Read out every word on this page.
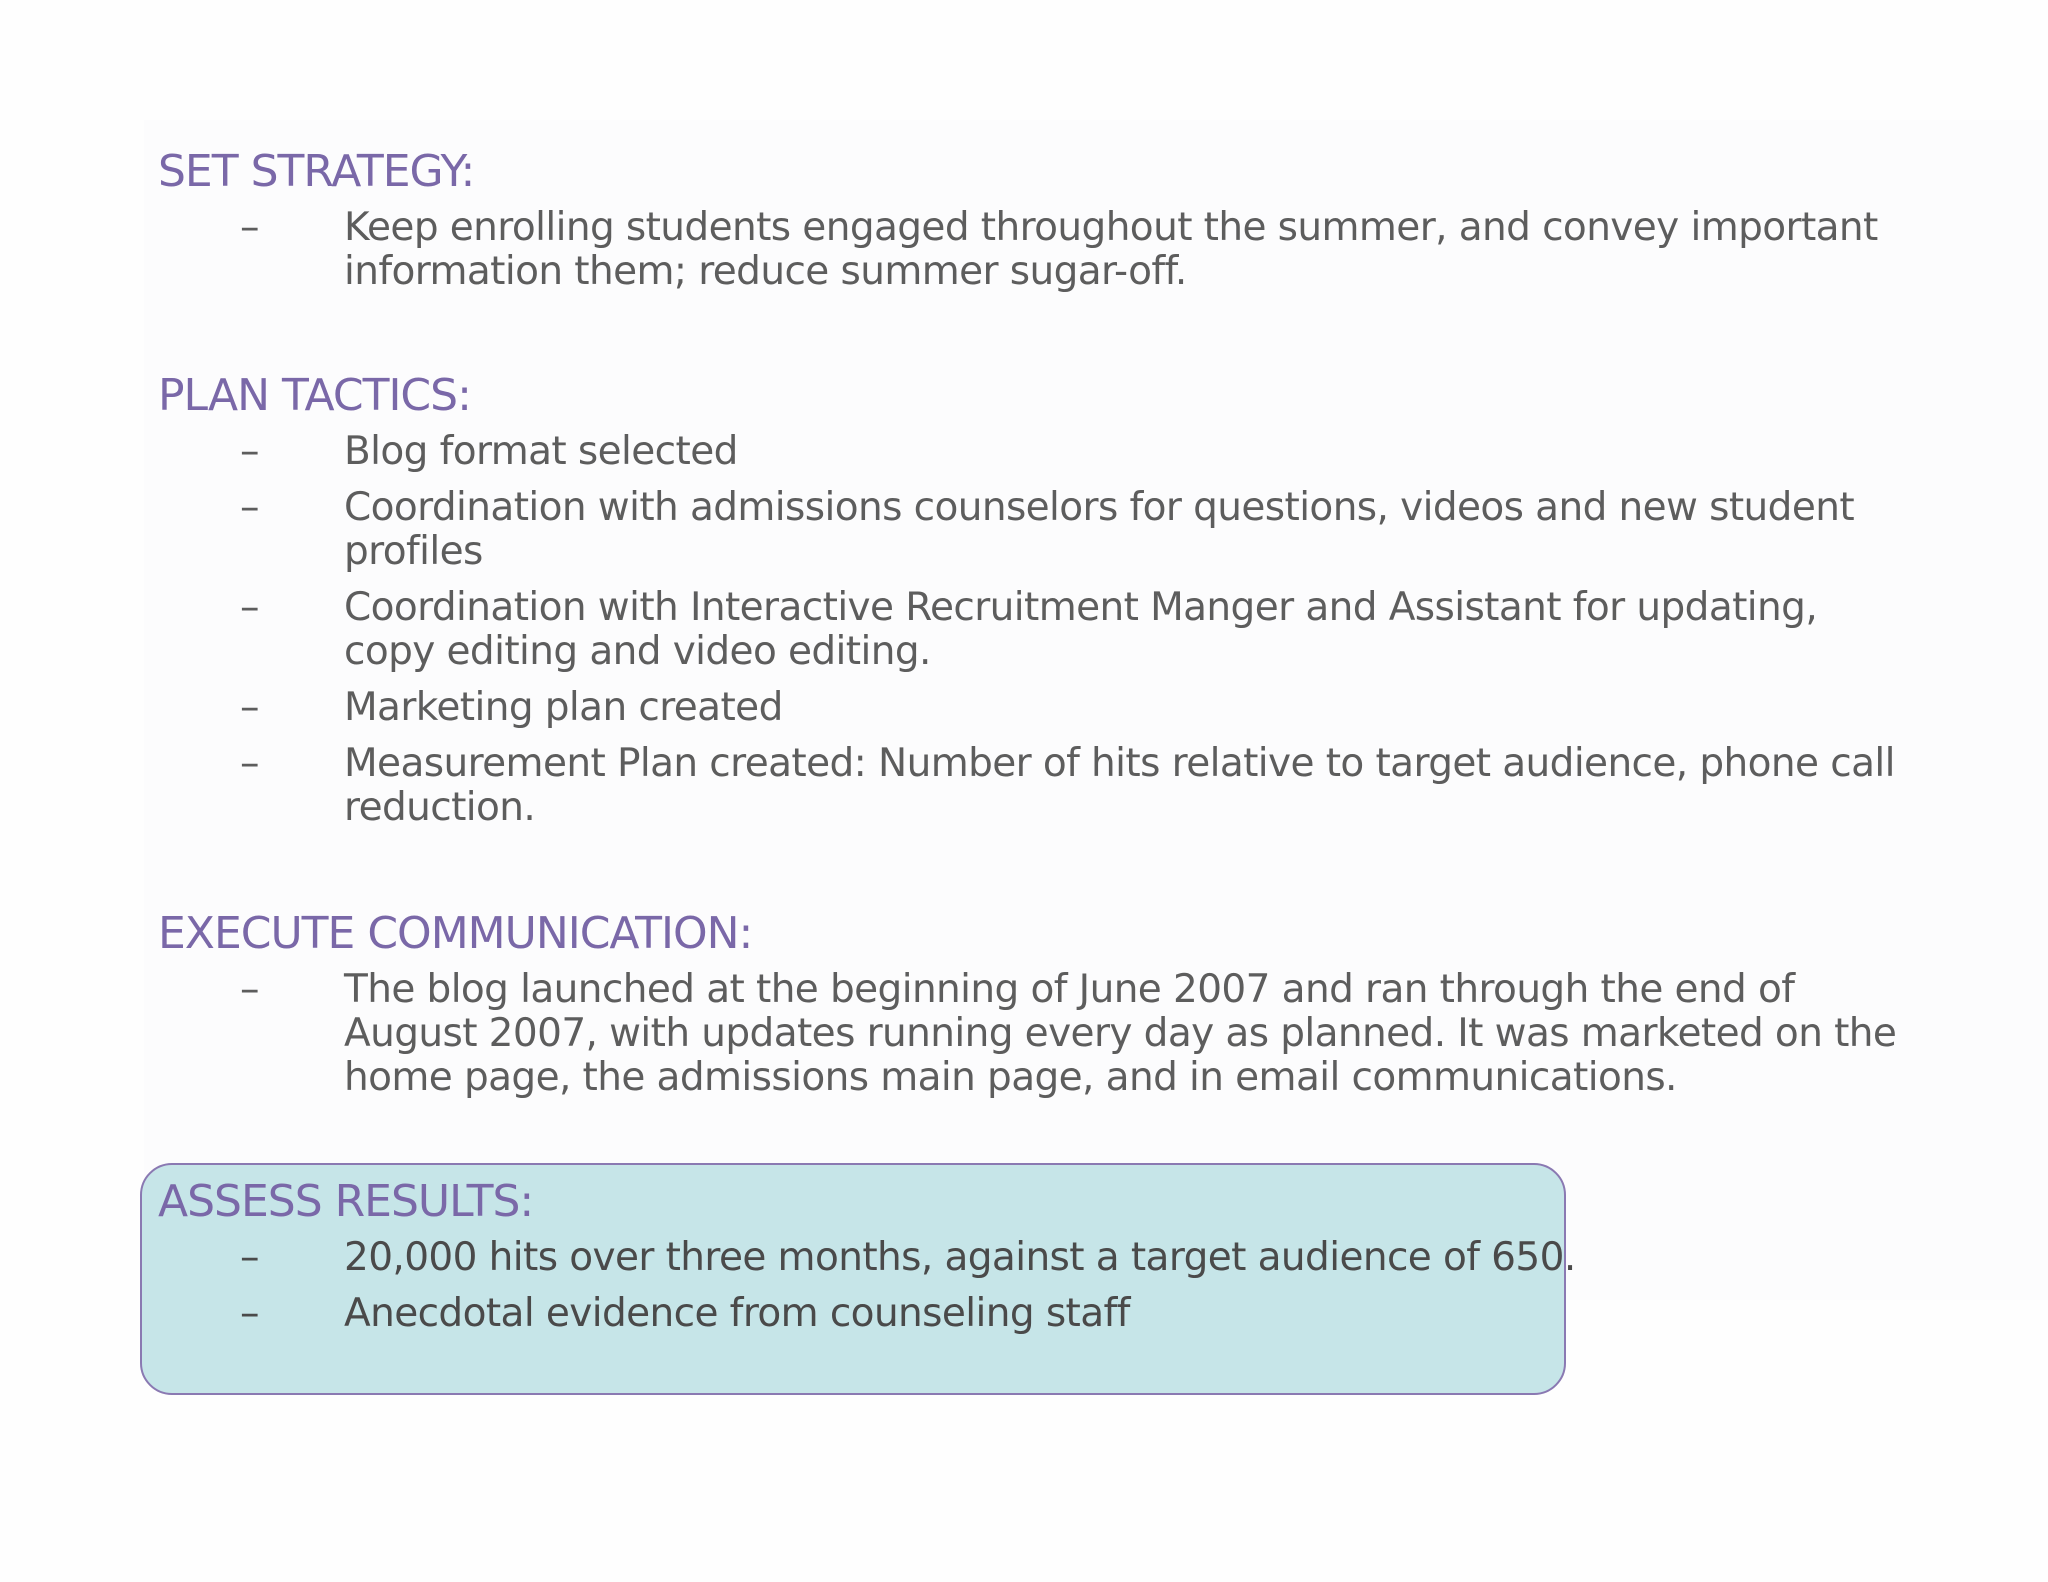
SET STRATEGY:
– Keep enrolling students engaged throughout the summer, and convey important information them; reduce summer sugar-off.
PLAN TACTICS:
– Blog format selected
– Coordination with admissions counselors for questions, videos and new student profiles
– Coordination with Interactive Recruitment Manger and Assistant for updating, copy editing and video editing.
– Marketing plan created
– Measurement Plan created: Number of hits relative to target audience, phone call reduction.
EXECUTE COMMUNICATION:
– The blog launched at the beginning of June 2007 and ran through the end of August 2007, with updates running every day as planned. It was marketed on the home page, the admissions main page, and in email communications.
ASSESS RESULTS:
– 20,000 hits over three months, against a target audience of 650.
– Anecdotal evidence from counseling staff
